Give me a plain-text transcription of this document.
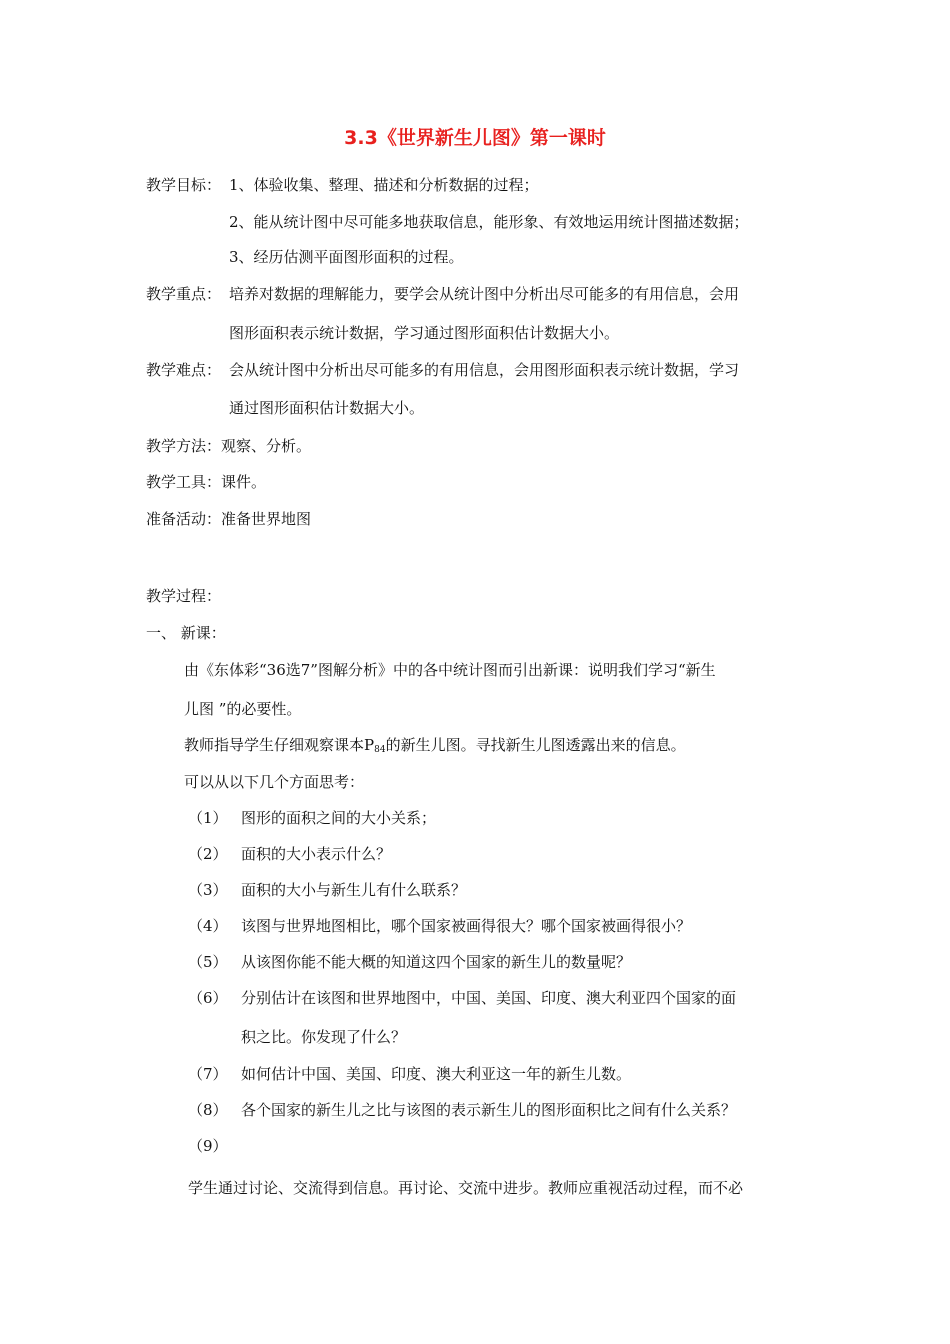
3.3《世界新生儿图》第一课时
教学目标： 1、体验收集、整理、描述和分析数据的过程；
2、能从统计图中尽可能多地获取信息，能形象、有效地运用统计图描述数据；
3、经历估测平面图形面积的过程。
教学重点： 培养对数据的理解能力，要学会从统计图中分析出尽可能多的有用信息，会用
图形面积表示统计数据，学习通过图形面积估计数据大小。
教学难点： 会从统计图中分析出尽可能多的有用信息，会用图形面积表示统计数据，学习
通过图形面积估计数据大小。
教学方法：观察、分析。
教学工具：课件。
准备活动：准备世界地图
教学过程：
一、 新课：
由《东体彩“36选7”图解分析》中的各中统计图而引出新课：说明我们学习“新生
儿图 ”的必要性。
教师指导学生仔细观察课本$P_{84}$的新生儿图。寻找新生儿图透露出来的信息。
可以从以下几个方面思考：
（1） 图形的面积之间的大小关系；
（2） 面积的大小表示什么？
（3） 面积的大小与新生儿有什么联系？
（4） 该图与世界地图相比，哪个国家被画得很大？哪个国家被画得很小？
（5） 从该图你能不能大概的知道这四个国家的新生儿的数量呢？
（6） 分别估计在该图和世界地图中，中国、美国、印度、澳大利亚四个国家的面
积之比。你发现了什么？
（7） 如何估计中国、美国、印度、澳大利亚这一年的新生儿数。
（8） 各个国家的新生儿之比与该图的表示新生儿的图形面积比之间有什么关系？
（9）
学生通过讨论、交流得到信息。再讨论、交流中进步。教师应重视活动过程，而不必
